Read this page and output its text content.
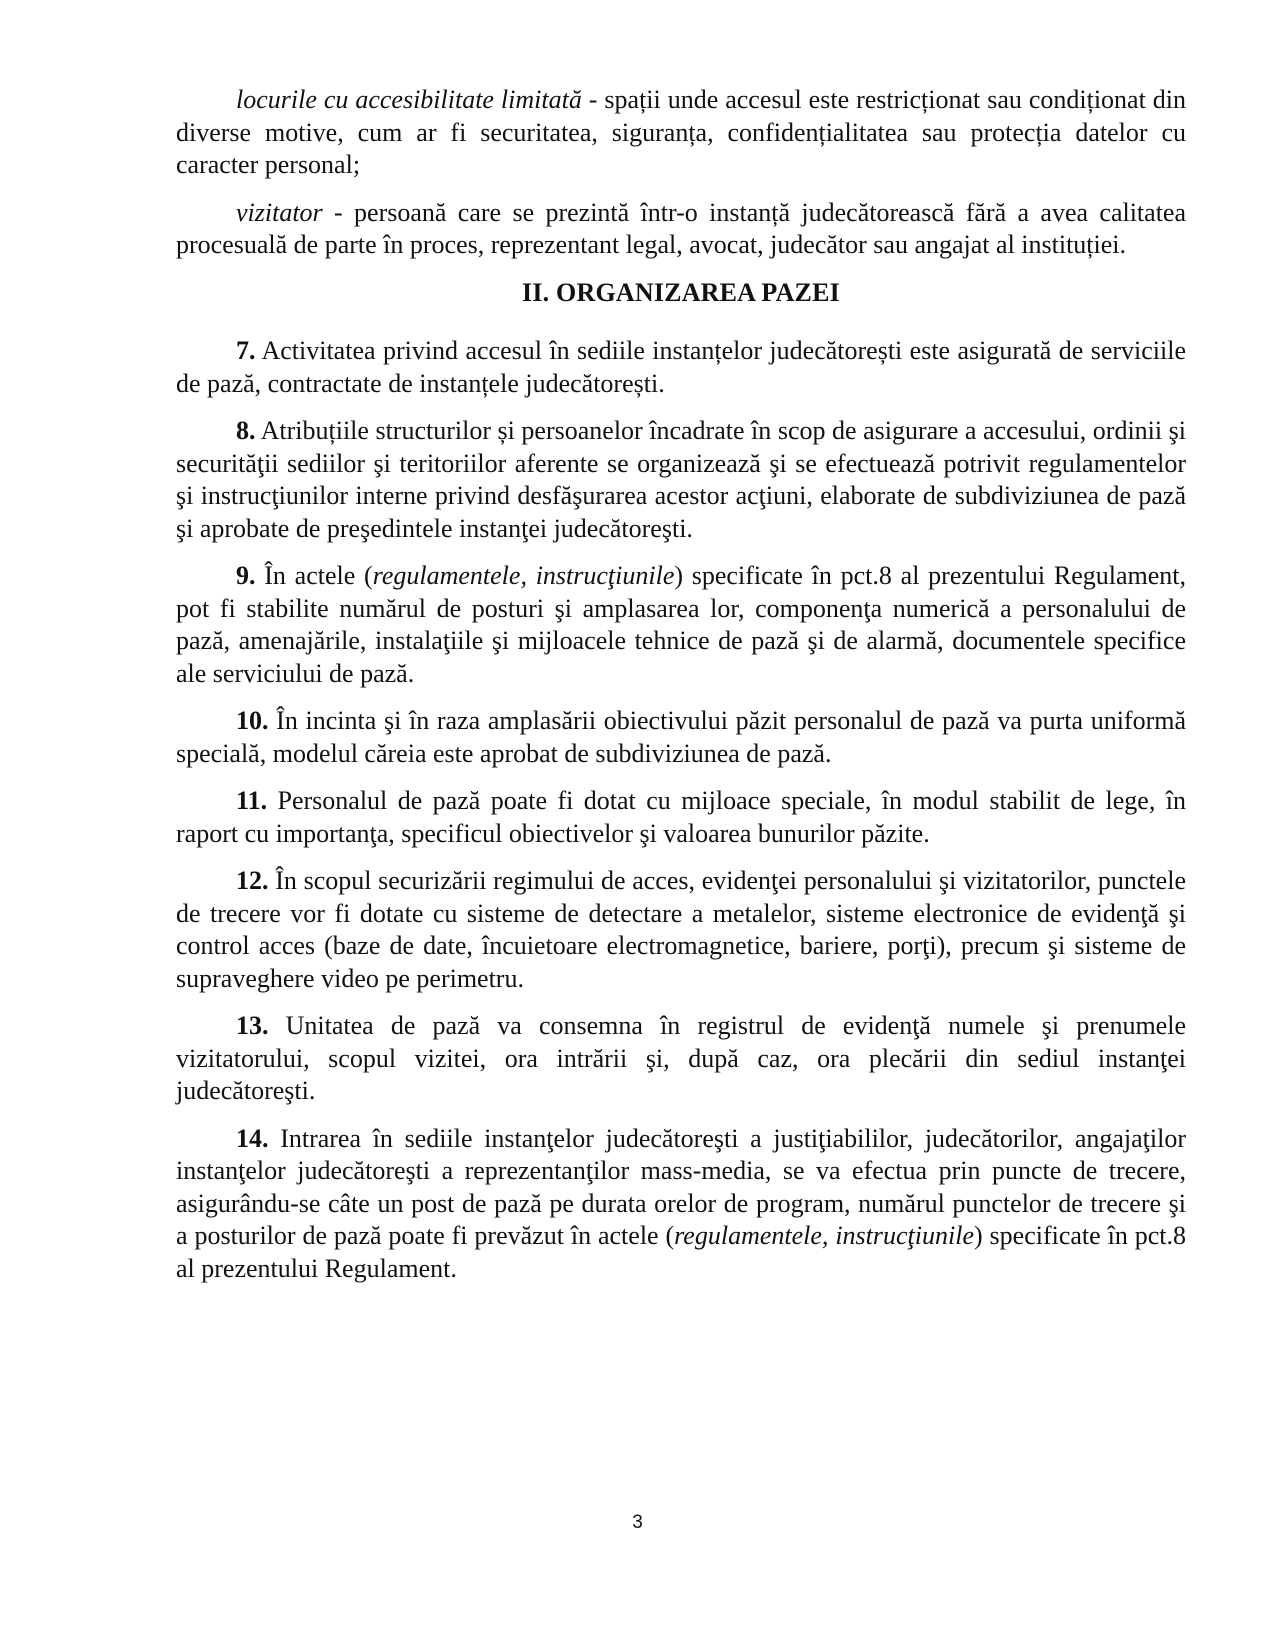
locurile cu accesibilitate limitată - spații unde accesul este restricționat sau condiționat din diverse motive, cum ar fi securitatea, siguranța, confidențialitatea sau protecția datelor cu caracter personal;

vizitator - persoană care se prezintă într-o instanță judecătorească fără a avea calitatea procesuală de parte în proces, reprezentant legal, avocat, judecător sau angajat al instituției.

II. ORGANIZAREA PAZEI

7. Activitatea privind accesul în sediile instanțelor judecătorești este asigurată de serviciile de pază, contractate de instanțele judecătorești.

8. Atribuțiile structurilor și persoanelor încadrate în scop de asigurare a accesului, ordinii şi securităţii sediilor şi teritoriilor aferente se organizează şi se efectuează potrivit regulamentelor şi instrucţiunilor interne privind desfăşurarea acestor acţiuni, elaborate de subdiviziunea de pază şi aprobate de preşedintele instanţei judecătoreşti.

9. În actele (regulamentele, instrucţiunile) specificate în pct.8 al prezentului Regulament, pot fi stabilite numărul de posturi şi amplasarea lor, componenţa numerică a personalului de pază, amenajările, instalaţiile şi mijloacele tehnice de pază şi de alarmă, documentele specifice ale serviciului de pază.

10. În incinta şi în raza amplasării obiectivului păzit personalul de pază va purta uniformă specială, modelul căreia este aprobat de subdiviziunea de pază.

11. Personalul de pază poate fi dotat cu mijloace speciale, în modul stabilit de lege, în raport cu importanţa, specificul obiectivelor şi valoarea bunurilor păzite.

12. În scopul securizării regimului de acces, evidenţei personalului şi vizitatorilor, punctele de trecere vor fi dotate cu sisteme de detectare a metalelor, sisteme electronice de evidenţă şi control acces (baze de date, încuietoare electromagnetice, bariere, porţi), precum şi sisteme de supraveghere video pe perimetru.

13. Unitatea de pază va consemna în registrul de evidenţă numele şi prenumele vizitatorului, scopul vizitei, ora intrării şi, după caz, ora plecării din sediul instanţei judecătoreşti.

14. Intrarea în sediile instanţelor judecătoreşti a justiţiabililor, judecătorilor, angajaţilor instanţelor judecătoreşti a reprezentanţilor mass-media, se va efectua prin puncte de trecere, asigurându-se câte un post de pază pe durata orelor de program, numărul punctelor de trecere şi a posturilor de pază poate fi prevăzut în actele (regulamentele, instrucţiunile) specificate în pct.8 al prezentului Regulament.

3
